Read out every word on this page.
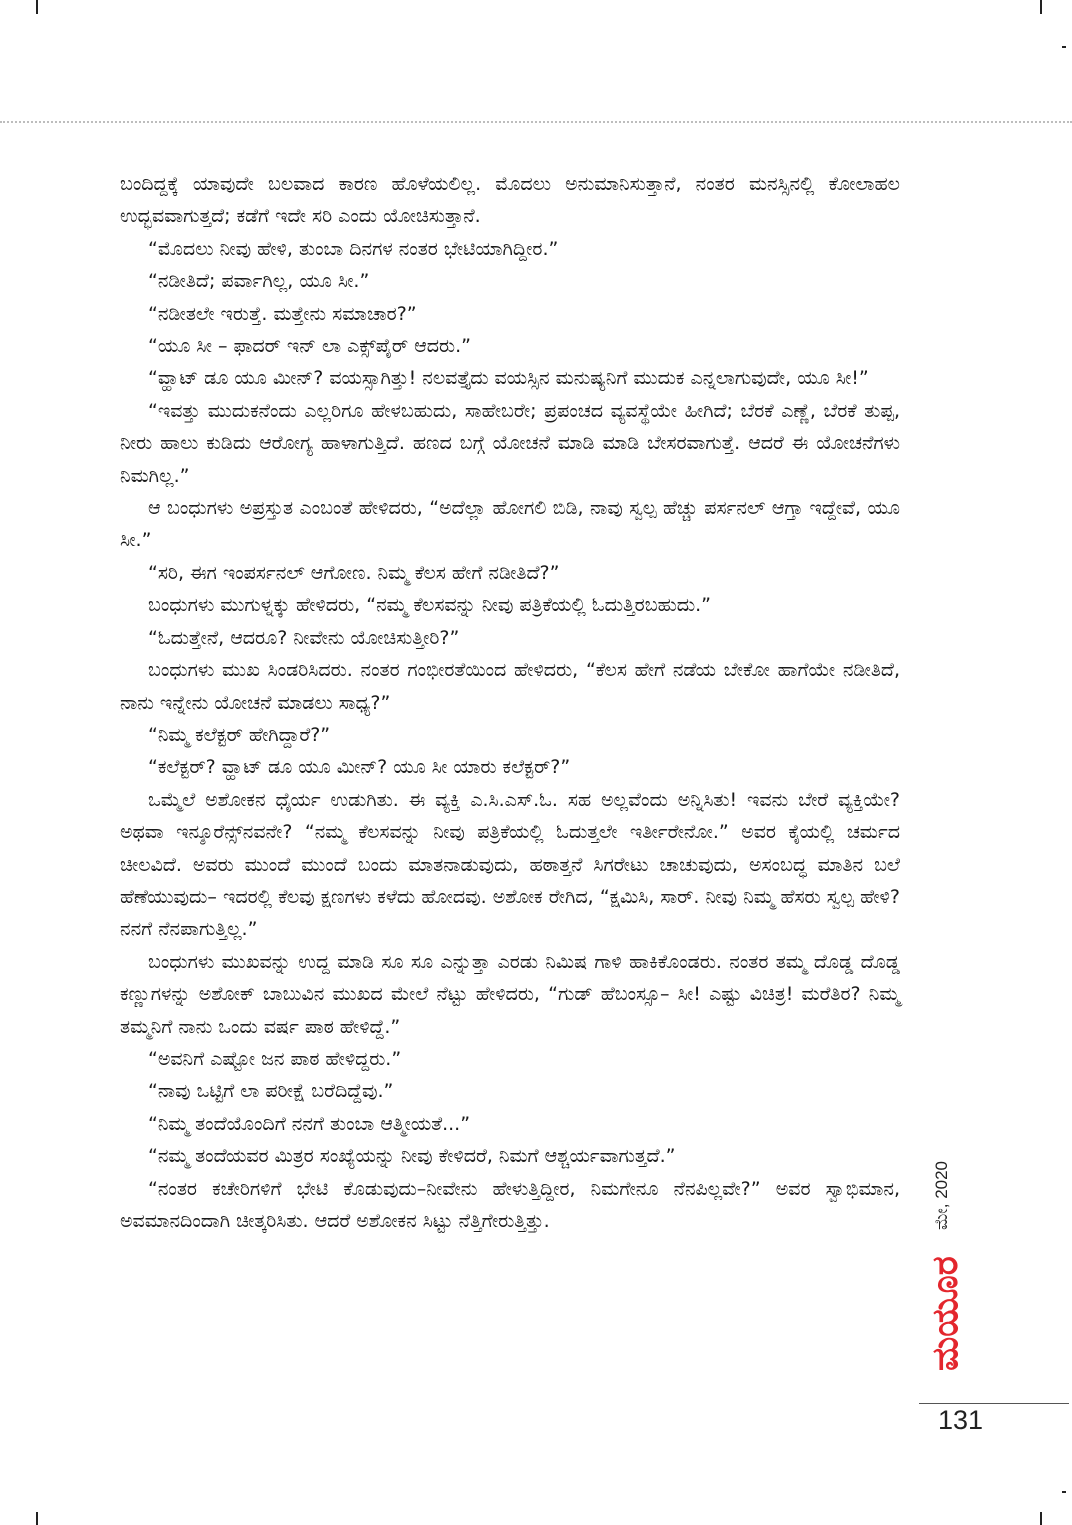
ಬಂದಿದ್ದಕ್ಕೆ ಯಾವುದೇ ಬಲವಾದ ಕಾರಣ ಹೊಳೆಯಲಿಲ್ಲ. ಮೊದಲು ಅನುಮಾನಿಸುತ್ತಾನೆ, ನಂತರ ಮನಸ್ಸಿನಲ್ಲಿ ಕೋಲಾಹಲ ಉದ್ಭವವಾಗುತ್ತದೆ; ಕಡೆಗೆ ಇದೇ ಸರಿ ಎಂದು ಯೋಚಿಸುತ್ತಾನೆ.

“ಮೊದಲು ನೀವು ಹೇಳಿ, ತುಂಬಾ ದಿನಗಳ ನಂತರ ಭೇಟಿಯಾಗಿದ್ದೀರ.”

“ನಡೀತಿದೆ; ಪರ್ವಾಗಿಲ್ಲ, ಯೂ ಸೀ.”

“ನಡೀತಲೇ ಇರುತ್ತೆ. ಮತ್ತೇನು ಸಮಾಚಾರ?”

“ಯೂ ಸೀ – ಫಾದರ್ ಇನ್ ಲಾ ಎಕ್ಸ್‌ಪೈರ್ ಆದರು.”

“ವ್ಹಾಟ್ ಡೂ ಯೂ ಮೀನ್? ವಯಸ್ಸಾಗಿತ್ತು! ನಲವತ್ತೈದು ವಯಸ್ಸಿನ ಮನುಷ್ಯನಿಗೆ ಮುದುಕ ಎನ್ನಲಾಗುವುದೇ, ಯೂ ಸೀ!”

“ಇವತ್ತು ಮುದುಕನೆಂದು ಎಲ್ಲರಿಗೂ ಹೇಳಬಹುದು, ಸಾಹೇಬರೇ; ಪ್ರಪಂಚದ ವ್ಯವಸ್ಥೆಯೇ ಹೀಗಿದೆ; ಬೆರಕೆ ಎಣ್ಣೆ, ಬೆರಕೆ ತುಪ್ಪ, ನೀರು ಹಾಲು ಕುಡಿದು ಆರೋಗ್ಯ ಹಾಳಾಗುತ್ತಿದೆ. ಹಣದ ಬಗ್ಗೆ ಯೋಚನೆ ಮಾಡಿ ಮಾಡಿ ಬೇಸರವಾಗುತ್ತೆ. ಆದರೆ ಈ ಯೋಚನೆಗಳು ನಿಮಗಿಲ್ಲ.”

ಆ ಬಂಧುಗಳು ಅಪ್ರಸ್ತುತ ಎಂಬಂತೆ ಹೇಳಿದರು, “ಅದೆಲ್ಲಾ ಹೋಗಲಿ ಬಿಡಿ, ನಾವು ಸ್ವಲ್ಪ ಹೆಚ್ಚು ಪರ್ಸನಲ್ ಆಗ್ತಾ ಇದ್ದೇವೆ, ಯೂ ಸೀ.”

“ಸರಿ, ಈಗ ಇಂಪರ್ಸನಲ್ ಆಗೋಣ. ನಿಮ್ಮ ಕೆಲಸ ಹೇಗೆ ನಡೀತಿದೆ?”

ಬಂಧುಗಳು ಮುಗುಳ್ನಕ್ಕು ಹೇಳಿದರು, “ನಮ್ಮ ಕೆಲಸವನ್ನು ನೀವು ಪತ್ರಿಕೆಯಲ್ಲಿ ಓದುತ್ತಿರಬಹುದು.”

“ಓದುತ್ತೇನೆ, ಆದರೂ? ನೀವೇನು ಯೋಚಿಸುತ್ತೀರಿ?”

ಬಂಧುಗಳು ಮುಖ ಸಿಂಡರಿಸಿದರು. ನಂತರ ಗಂಭೀರತೆಯಿಂದ ಹೇಳಿದರು, “ಕೆಲಸ ಹೇಗೆ ನಡೆಯ ಬೇಕೋ ಹಾಗೆಯೇ ನಡೀತಿದೆ, ನಾನು ಇನ್ನೇನು ಯೋಚನೆ ಮಾಡಲು ಸಾಧ್ಯ?”

“ನಿಮ್ಮ ಕಲೆಕ್ಟರ್ ಹೇಗಿದ್ದಾರೆ?”

“ಕಲೆಕ್ಟರ್? ವ್ಹಾಟ್ ಡೂ ಯೂ ಮೀನ್? ಯೂ ಸೀ ಯಾರು ಕಲೆಕ್ಟರ್?”

ಒಮ್ಮೆಲೆ ಅಶೋಕನ ಧೈರ್ಯ ಉಡುಗಿತು. ಈ ವ್ಯಕ್ತಿ ಎ.ಸಿ.ಎಸ್.ಓ. ಸಹ ಅಲ್ಲವೆಂದು ಅನ್ನಿಸಿತು! ಇವನು ಬೇರೆ ವ್ಯಕ್ತಿಯೇ? ಅಥವಾ ಇನ್ಶೂರೆನ್ಸ್‌ನವನೇ? “ನಮ್ಮ ಕೆಲಸವನ್ನು ನೀವು ಪತ್ರಿಕೆಯಲ್ಲಿ ಓದುತ್ತಲೇ ಇರ್ತೀರೇನೋ.” ಅವರ ಕೈಯಲ್ಲಿ ಚರ್ಮದ ಚೀಲವಿದೆ. ಅವರು ಮುಂದೆ ಮುಂದೆ ಬಂದು ಮಾತನಾಡುವುದು, ಹಠಾತ್ತನೆ ಸಿಗರೇಟು ಚಾಚುವುದು, ಅಸಂಬದ್ಧ ಮಾತಿನ ಬಲೆ ಹೆಣೆಯುವುದು– ಇದರಲ್ಲಿ ಕೆಲವು ಕ್ಷಣಗಳು ಕಳೆದು ಹೋದವು. ಅಶೋಕ ರೇಗಿದ, “ಕ್ಷಮಿಸಿ, ಸಾರ್. ನೀವು ನಿಮ್ಮ ಹೆಸರು ಸ್ವಲ್ಪ ಹೇಳಿ? ನನಗೆ ನೆನಪಾಗುತ್ತಿಲ್ಲ.”

ಬಂಧುಗಳು ಮುಖವನ್ನು ಉದ್ದ ಮಾಡಿ ಸೂ ಸೂ ಎನ್ನುತ್ತಾ ಎರಡು ನಿಮಿಷ ಗಾಳಿ ಹಾಕಿಕೊಂಡರು. ನಂತರ ತಮ್ಮ ದೊಡ್ಡ ದೊಡ್ಡ ಕಣ್ಣುಗಳನ್ನು ಅಶೋಕ್ ಬಾಬುವಿನ ಮುಖದ ಮೇಲೆ ನೆಟ್ಟು ಹೇಳಿದರು, “ಗುಡ್ ಹೆಬಂಸ್ಸೂ– ಸೀ! ಎಷ್ಟು ವಿಚಿತ್ರ! ಮರೆತಿರ? ನಿಮ್ಮ ತಮ್ಮನಿಗೆ ನಾನು ಒಂದು ವರ್ಷ ಪಾಠ ಹೇಳಿದ್ದೆ.”

“ಅವನಿಗೆ ಎಷ್ಟೋ ಜನ ಪಾಠ ಹೇಳಿದ್ದರು.”

“ನಾವು ಒಟ್ಟಿಗೆ ಲಾ ಪರೀಕ್ಷೆ ಬರೆದಿದ್ದೆವು.”

“ನಿಮ್ಮ ತಂದೆಯೊಂದಿಗೆ ನನಗೆ ತುಂಬಾ ಆತ್ಮೀಯತೆ...”

“ನಮ್ಮ ತಂದೆಯವರ ಮಿತ್ರರ ಸಂಖ್ಯೆಯನ್ನು ನೀವು ಕೇಳಿದರೆ, ನಿಮಗೆ ಆಶ್ಚರ್ಯವಾಗುತ್ತದೆ.”

“ನಂತರ ಕಚೇರಿಗಳಿಗೆ ಭೇಟಿ ಕೊಡುವುದು–ನೀವೇನು ಹೇಳುತ್ತಿದ್ದೀರ, ನಿಮಗೇನೂ ನೆನಪಿಲ್ಲವೇ?” ಅವರ ಸ್ವಾಭಿಮಾನ, ಅವಮಾನದಿಂದಾಗಿ ಚೀತ್ಕರಿಸಿತು. ಆದರೆ ಅಶೋಕನ ಸಿಟ್ಟು ನೆತ್ತಿಗೇರುತ್ತಿತ್ತು.	ಮೇ, 2020
ಮಯೂರ
131
